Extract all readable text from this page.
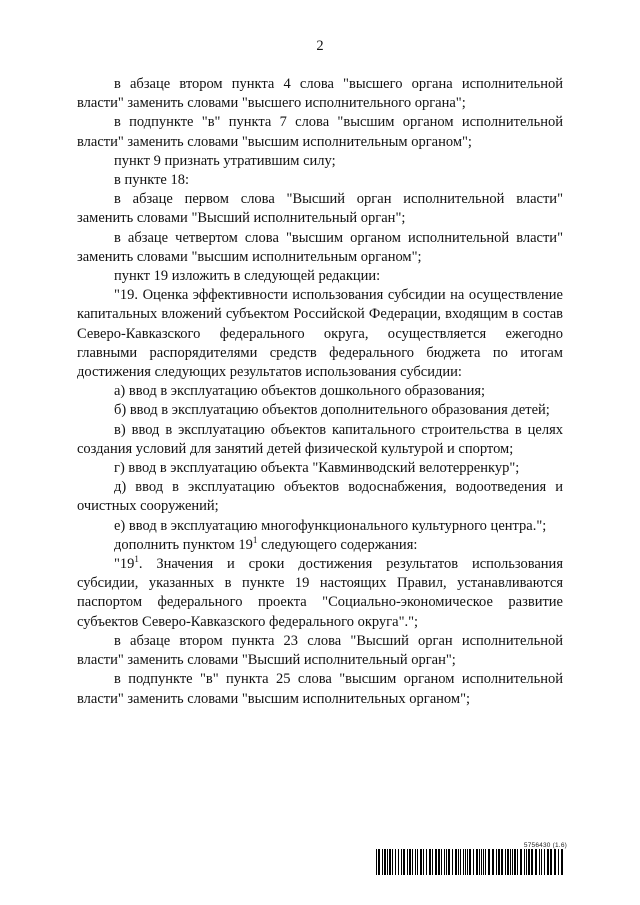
2

в абзаце втором пункта 4 слова "высшего органа исполнительной власти" заменить словами "высшего исполнительного органа";

в подпункте "в" пункта 7 слова "высшим органом исполнительной власти" заменить словами "высшим исполнительным органом";

пункт 9 признать утратившим силу;

в пункте 18:

в абзаце первом слова "Высший орган исполнительной власти" заменить словами "Высший исполнительный орган";

в абзаце четвертом слова "высшим органом исполнительной власти" заменить словами "высшим исполнительным органом";

пункт 19 изложить в следующей редакции:

"19. Оценка эффективности использования субсидии на осуществление капитальных вложений субъектом Российской Федерации, входящим в состав Северо-Кавказского федерального округа, осуществляется ежегодно главными распорядителями средств федерального бюджета по итогам достижения следующих результатов использования субсидии:

а) ввод в эксплуатацию объектов дошкольного образования;

б) ввод в эксплуатацию объектов дополнительного образования детей;

в) ввод в эксплуатацию объектов капитального строительства в целях создания условий для занятий детей физической культурой и спортом;

г) ввод в эксплуатацию объекта "Кавминводский велотерренкур";

д) ввод в эксплуатацию объектов водоснабжения, водоотведения и очистных сооружений;

е) ввод в эксплуатацию многофункционального культурного центра.";

дополнить пунктом $19^1$ следующего содержания:

"$19^1$. Значения и сроки достижения результатов использования субсидии, указанных в пункте 19 настоящих Правил, устанавливаются паспортом федерального проекта "Социально-экономическое развитие субъектов Северо-Кавказского федерального округа".";

в абзаце втором пункта 23 слова "Высший орган исполнительной власти" заменить словами "Высший исполнительный орган";

в подпункте "в" пункта 25 слова "высшим органом исполнительной власти" заменить словами "высшим исполнительных органом";

5756430 (1.6)
